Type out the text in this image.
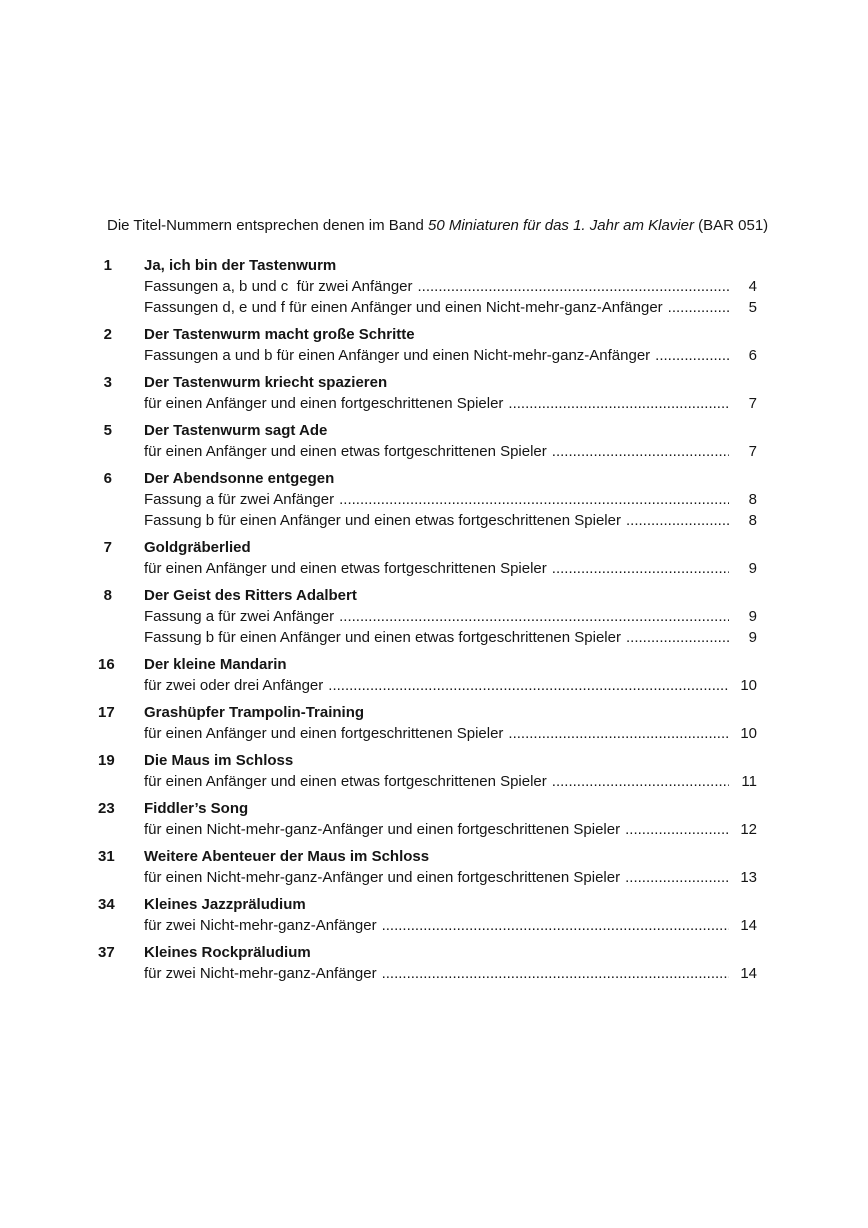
Die Titel-Nummern entsprechen denen im Band 50 Miniaturen für das 1. Jahr am Klavier (BAR 051)
1 Ja, ich bin der Tastenwurm
Fassungen a, b und c  für zwei Anfänger .....	4
Fassungen d, e und f für einen Anfänger und einen Nicht-mehr-ganz-Anfänger .....	5
2 Der Tastenwurm macht große Schritte
Fassungen a und b für einen Anfänger und einen Nicht-mehr-ganz-Anfänger .....	6
3 Der Tastenwurm kriecht spazieren
für einen Anfänger und einen fortgeschrittenen Spieler .....	7
5 Der Tastenwurm sagt Ade
für einen Anfänger und einen etwas fortgeschrittenen Spieler .....	7
6 Der Abendsonne entgegen
Fassung a für zwei Anfänger .....	8
Fassung b für einen Anfänger und einen etwas fortgeschrittenen Spieler .....	8
7 Goldgräberlied
für einen Anfänger und einen etwas fortgeschrittenen Spieler .....	9
8 Der Geist des Ritters Adalbert
Fassung a für zwei Anfänger .....	9
Fassung b für einen Anfänger und einen etwas fortgeschrittenen Spieler .....	9
16 Der kleine Mandarin
für zwei oder drei Anfänger .....	10
17 Grashüpfer Trampolin-Training
für einen Anfänger und einen fortgeschrittenen Spieler .....	10
19 Die Maus im Schloss
für einen Anfänger und einen etwas fortgeschrittenen Spieler .....	11
23 Fiddler’s Song
für einen Nicht-mehr-ganz-Anfänger und einen fortgeschrittenen Spieler .....	12
31 Weitere Abenteuer der Maus im Schloss
für einen Nicht-mehr-ganz-Anfänger und einen fortgeschrittenen Spieler .....	13
34 Kleines Jazzpräludium
für zwei Nicht-mehr-ganz-Anfänger .....	14
37 Kleines Rockpräludium
für zwei Nicht-mehr-ganz-Anfänger .....	14
